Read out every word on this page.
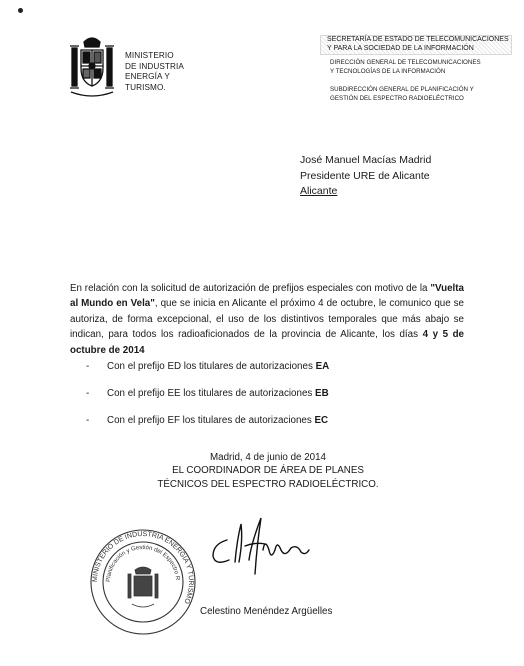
MINISTERIO
DE INDUSTRIA
ENERGÍA Y
TURISMO.
SECRETARÍA DE ESTADO DE TELECOMUNICACIONES
Y PARA LA SOCIEDAD DE LA INFORMACIÓN
DIRECCIÓN GENERAL DE TELECOMUNICACIONES
Y TECNOLOGÍAS DE LA INFORMACIÓN
SUBDIRECCIÓN GENERAL DE PLANIFICACIÓN Y
GESTIÓN DEL ESPECTRO RADIOELÉCTRICO
José Manuel Macías Madrid
Presidente URE de Alicante
Alicante
En relación con la solicitud de autorización de prefijos especiales con motivo de la "Vuelta al Mundo en Vela", que se inicia en Alicante el próximo 4 de octubre, le comunico que se autoriza, de forma excepcional, el uso de los distintivos temporales que más abajo se indican, para todos los radioaficionados de la provincia de Alicante, los días 4 y 5 de octubre de 2014
- Con el prefijo ED los titulares de autorizaciones EA
- Con el prefijo EE los titulares de autorizaciones EB
- Con el prefijo EF los titulares de autorizaciones EC
Madrid, 4 de junio de 2014
EL COORDINADOR DE ÁREA DE PLANES
TÉCNICOS DEL ESPECTRO RADIOELÉCTRICO.
MINISTERIO DE INDUSTRIA ENERGÍA Y TURISMO
Planificación y Gestión del Espectro R
Celestino Menéndez Argüelles
